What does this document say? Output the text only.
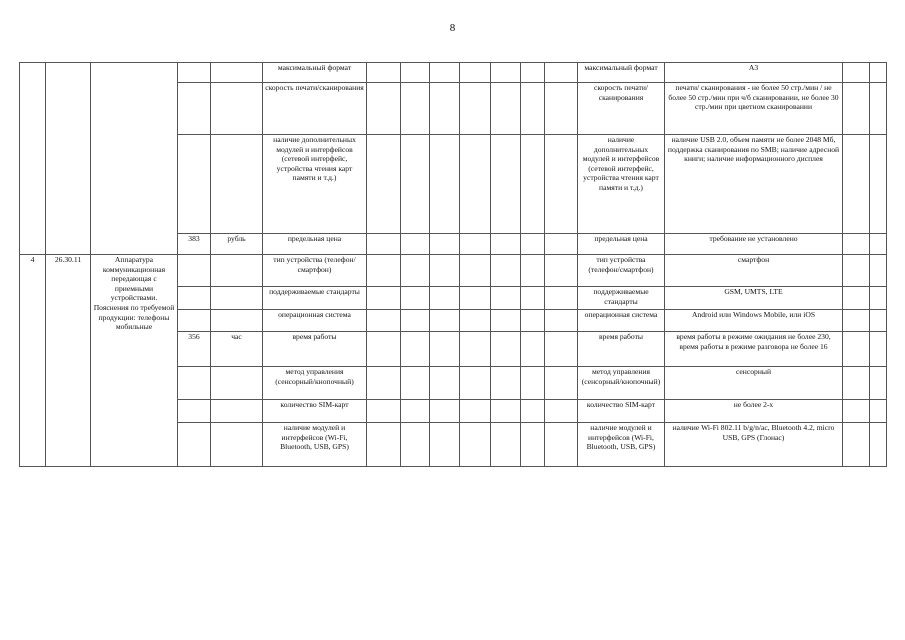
8
					максимальный формат								максимальный формат	А3		
					скорость печати/сканирования								скорость печати/сканирования	печати/ сканирования - не более 50 стр./мин / не более 50 стр./мин при ч/б сканировании, не более 30 стр./мин при цветном сканировании		
					наличие дополнительных модулей и интерфейсов (сетевой интерфейс, устройства чтения карт памяти и т.д.)								наличие дополнительных модулей и интерфейсов (сетевой интерфейс, устройства чтения карт памяти и т.д.)	наличие USB 2.0, объем памяти не более 2048 Мб, поддержка сканирования по SMB; наличие адресной книги; наличие информационного дисплея		
			383	рубль	предельная цена								предельная цена	требование не установлено		
4	26.30.11	Аппаратура коммуникационная передающая с приемными устройствами. Пояснения по требуемой продукции: телефоны мобильные			тип устройства (телефон/смартфон)								тип устройства (телефон/смартфон)	смартфон		
					поддерживаемые стандарты								поддерживаемые стандарты	GSM, UMTS, LTE		
					операционная система								операционная система	Android или Windows Mobile, или iOS		
			356	час	время работы								время работы	время работы в режиме ожидания не более 230, время работы в режиме разговора не более 16		
					метод управления (сенсорный/кнопочный)								метод управления (сенсорный/кнопочный)	сенсорный		
					количество SIM-карт								количество SIM-карт	не более 2-х		
					наличие модулей и интерфейсов (Wi-Fi, Bluetooth, USB, GPS)								наличие модулей и интерфейсов (Wi-Fi, Bluetooth, USB, GPS)	наличие Wi-Fi 802.11 b/g/n/ac, Bluetooth 4.2, micro USB, GPS (Глонас)		
